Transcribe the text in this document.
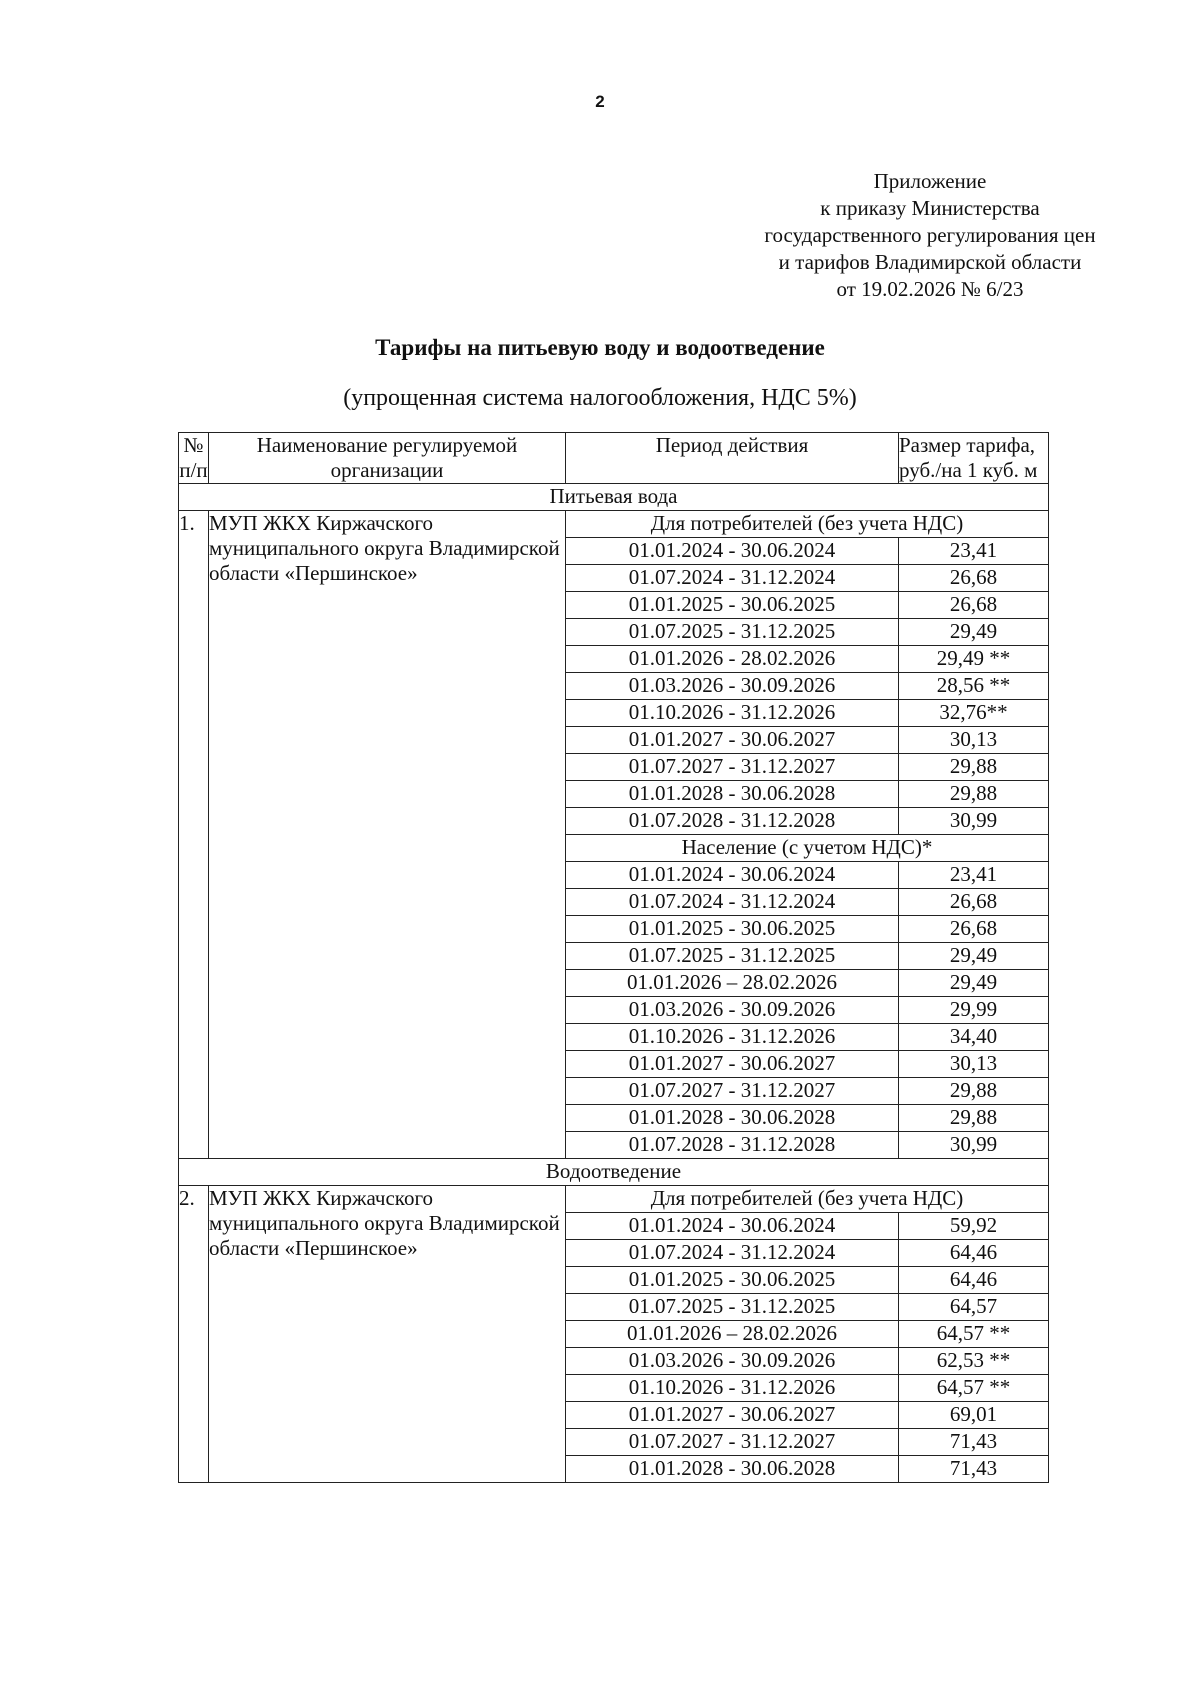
2
Приложение
к приказу Министерства
государственного регулирования цен
и тарифов Владимирской области
от 19.02.2026 № 6/23
Тарифы на питьевую воду и водоотведение
(упрощенная система налогообложения, НДС 5%)
№ п/п	Наименование регулируемой организации	Период действия	Размер тарифа, руб./на 1 куб. м
Питьевая вода			
1.	МУП ЖКХ Киржачского муниципального округа Владимирской области «Першинское»	Для потребителей (без учета НДС)	
		01.01.2024 - 30.06.2024	23,41
		01.07.2024 - 31.12.2024	26,68
		01.01.2025 - 30.06.2025	26,68
		01.07.2025 - 31.12.2025	29,49
		01.01.2026 - 28.02.2026	29,49 **
		01.03.2026 - 30.09.2026	28,56 **
		01.10.2026 - 31.12.2026	32,76**
		01.01.2027 - 30.06.2027	30,13
		01.07.2027 - 31.12.2027	29,88
		01.01.2028 - 30.06.2028	29,88
		01.07.2028 - 31.12.2028	30,99
		Население (с учетом НДС)*	
		01.01.2024 - 30.06.2024	23,41
		01.07.2024 - 31.12.2024	26,68
		01.01.2025 - 30.06.2025	26,68
		01.07.2025 - 31.12.2025	29,49
		01.01.2026 – 28.02.2026	29,49
		01.03.2026 - 30.09.2026	29,99
		01.10.2026 - 31.12.2026	34,40
		01.01.2027 - 30.06.2027	30,13
		01.07.2027 - 31.12.2027	29,88
		01.01.2028 - 30.06.2028	29,88
		01.07.2028 - 31.12.2028	30,99
Водоотведение			
2.	МУП ЖКХ Киржачского муниципального округа Владимирской области «Першинское»	Для потребителей (без учета НДС)	
		01.01.2024 - 30.06.2024	59,92
		01.07.2024 - 31.12.2024	64,46
		01.01.2025 - 30.06.2025	64,46
		01.07.2025 - 31.12.2025	64,57
		01.01.2026 – 28.02.2026	64,57 **
		01.03.2026 - 30.09.2026	62,53 **
		01.10.2026 - 31.12.2026	64,57 **
		01.01.2027 - 30.06.2027	69,01
		01.07.2027 - 31.12.2027	71,43
		01.01.2028 - 30.06.2028	71,43
